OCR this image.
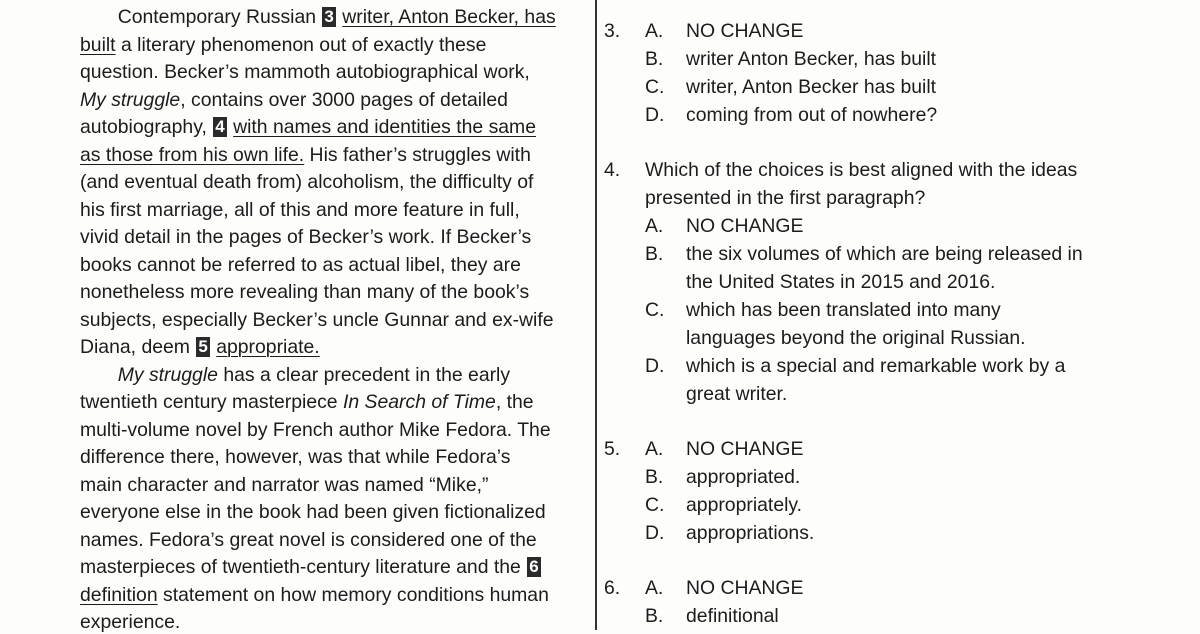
Contemporary Russian 3 writer, Anton Becker, has
built a literary phenomenon out of exactly these
question. Becker’s mammoth autobiographical work,
My struggle, contains over 3000 pages of detailed
autobiography, 4 with names and identities the same
as those from his own life. His father’s struggles with
(and eventual death from) alcoholism, the difficulty of
his first marriage, all of this and more feature in full,
vivid detail in the pages of Becker’s work. If Becker’s
books cannot be referred to as actual libel, they are
nonetheless more revealing than many of the book’s
subjects, especially Becker’s uncle Gunnar and ex-wife
Diana, deem 5 appropriate.
My struggle has a clear precedent in the early
twentieth century masterpiece In Search of Time, the
multi-volume novel by French author Mike Fedora. The
difference there, however, was that while Fedora’s
main character and narrator was named “Mike,”
everyone else in the book had been given fictionalized
names. Fedora’s great novel is considered one of the
masterpieces of twentieth-century literature and the 6
definition statement on how memory conditions human
experience.
3. A. NO CHANGE
B. writer Anton Becker, has built
C. writer, Anton Becker has built
D. coming from out of nowhere?
4. Which of the choices is best aligned with the ideas
presented in the first paragraph?
A. NO CHANGE
B. the six volumes of which are being released in
the United States in 2015 and 2016.
C. which has been translated into many
languages beyond the original Russian.
D. which is a special and remarkable work by a
great writer.
5. A. NO CHANGE
B. appropriated.
C. appropriately.
D. appropriations.
6. A. NO CHANGE
B. definitional
